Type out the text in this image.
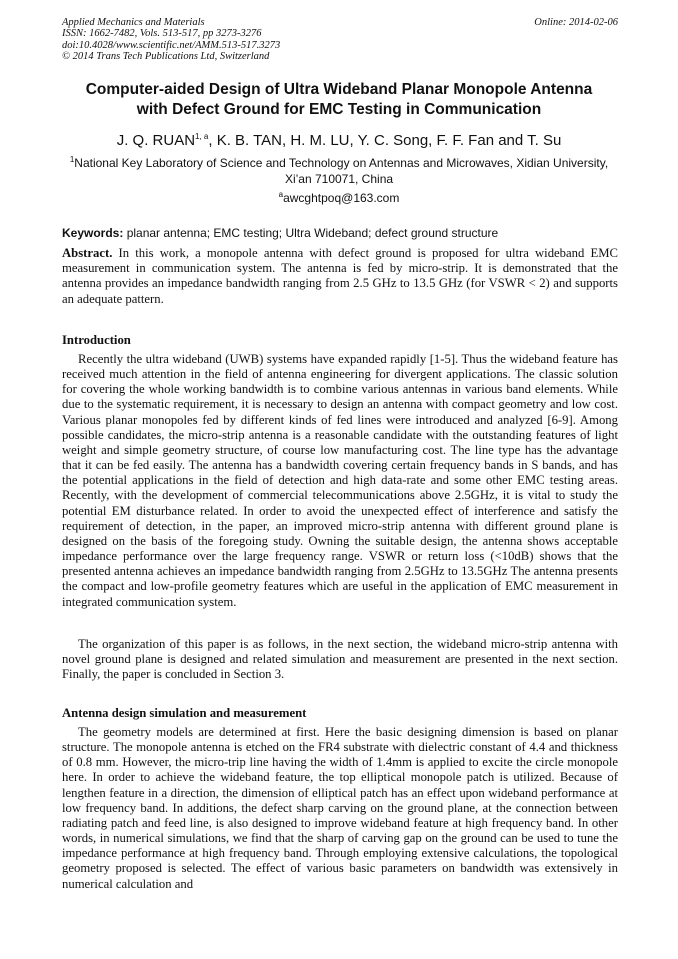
Applied Mechanics and Materials
ISSN: 1662-7482, Vols. 513-517, pp 3273-3276
doi:10.4028/www.scientific.net/AMM.513-517.3273
© 2014 Trans Tech Publications Ltd, Switzerland
Online: 2014-02-06
Computer-aided Design of Ultra Wideband Planar Monopole Antenna
with Defect Ground for EMC Testing in Communication
J. Q. RUAN$^{1, a}$, K. B. TAN, H. M. LU, Y. C. Song, F. F. Fan and T. Su
$^1$National Key Laboratory of Science and Technology on Antennas and Microwaves, Xidian University, Xi’an 710071, China
$^a$awcghtpoq@163.com
Keywords: planar antenna; EMC testing; Ultra Wideband; defect ground structure
Abstract. In this work, a monopole antenna with defect ground is proposed for ultra wideband EMC measurement in communication system. The antenna is fed by micro-strip. It is demonstrated that the antenna provides an impedance bandwidth ranging from 2.5 GHz to 13.5 GHz (for VSWR < 2) and supports an adequate pattern.
Introduction

Recently the ultra wideband (UWB) systems have expanded rapidly [1-5]. Thus the wideband feature has received much attention in the field of antenna engineering for divergent applications. The classic solution for covering the whole working bandwidth is to combine various antennas in various band elements. While due to the systematic requirement, it is necessary to design an antenna with compact geometry and low cost. Various planar monopoles fed by different kinds of fed lines were introduced and analyzed [6-9]. Among possible candidates, the micro-strip antenna is a reasonable candidate with the outstanding features of light weight and simple geometry structure, of course low manufacturing cost. The line type has the advantage that it can be fed easily. The antenna has a bandwidth covering certain frequency bands in S bands, and has the potential applications in the field of detection and high data-rate and some other EMC testing areas. Recently, with the development of commercial telecommunications above 2.5GHz, it is vital to study the potential EM disturbance related. In order to avoid the unexpected effect of interference and satisfy the requirement of detection, in the paper, an improved micro-strip antenna with different ground plane is designed on the basis of the foregoing study. Owning the suitable design, the antenna shows acceptable impedance performance over the large frequency range. VSWR or return loss (<10dB) shows that the presented antenna achieves an impedance bandwidth ranging from 2.5GHz to 13.5GHz The antenna presents the compact and low-profile geometry features which are useful in the application of EMC measurement in integrated communication system.

The organization of this paper is as follows, in the next section, the wideband micro-strip antenna with novel ground plane is designed and related simulation and measurement are presented in the next section. Finally, the paper is concluded in Section 3.

Antenna design simulation and measurement

The geometry models are determined at first. Here the basic designing dimension is based on planar structure. The monopole antenna is etched on the FR4 substrate with dielectric constant of 4.4 and thickness of 0.8 mm. However, the micro-trip line having the width of 1.4mm is applied to excite the circle monopole here. In order to achieve the wideband feature, the top elliptical monopole patch is utilized. Because of lengthen feature in a direction, the dimension of elliptical patch has an effect upon wideband performance at low frequency band. In additions, the defect sharp carving on the ground plane, at the connection between radiating patch and feed line, is also designed to improve wideband feature at high frequency band. In other words, in numerical simulations, we find that the sharp of carving gap on the ground can be used to tune the impedance performance at high frequency band. Through employing extensive calculations, the topological geometry proposed is selected. The effect of various basic parameters on bandwidth was extensively in numerical calculation and
